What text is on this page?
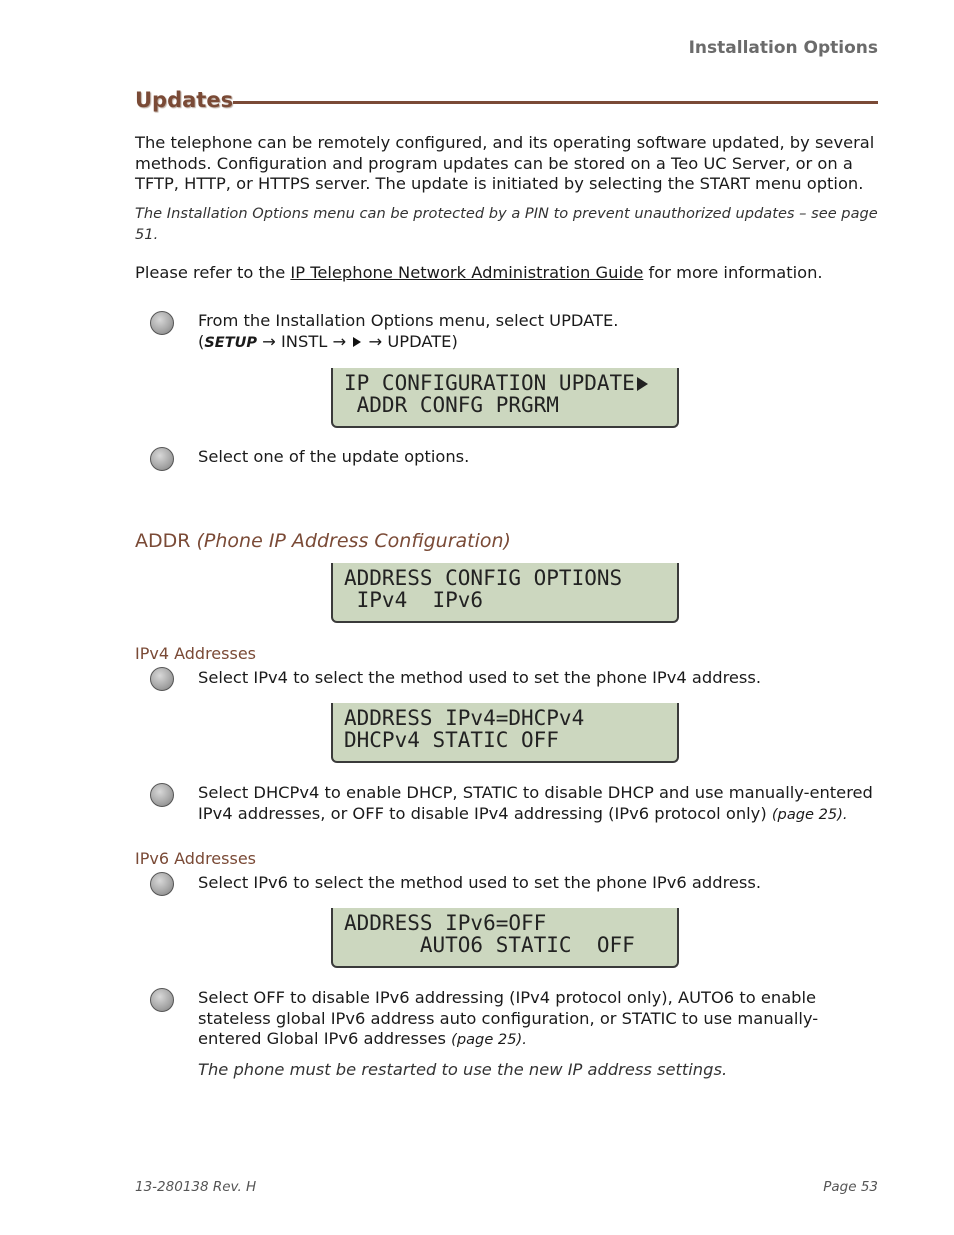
Installation Options
Updates
The telephone can be remotely configured, and its operating software updated, by several methods. Configuration and program updates can be stored on a Teo UC Server, or on a TFTP, HTTP, or HTTPS server. The update is initiated by selecting the START menu option.
The Installation Options menu can be protected by a PIN to prevent unauthorized updates – see page 51.
Please refer to the IP Telephone Network Administration Guide for more information.
From the Installation Options menu, select UPDATE.
(SETUP → INSTL →  → UPDATE)
IP CONFIGURATION UPDATE
ADDR CONFG PRGRM
Select one of the update options.
ADDR (Phone IP Address Configuration)
ADDRESS CONFIG OPTIONS
IPv4  IPv6
IPv4 Addresses
Select IPv4 to select the method used to set the phone IPv4 address.
ADDRESS IPv4=DHCPv4
DHCPv4 STATIC OFF
Select DHCPv4 to enable DHCP, STATIC to disable DHCP and use manually-entered IPv4 addresses, or OFF to disable IPv4 addressing (IPv6 protocol only) (page 25).
IPv6 Addresses
Select IPv6 to select the method used to set the phone IPv6 address.
ADDRESS IPv6=OFF
AUTO6 STATIC  OFF
Select OFF to disable IPv6 addressing (IPv4 protocol only), AUTO6 to enable stateless global IPv6 address auto configuration, or STATIC to use manually-entered Global IPv6 addresses (page 25).
The phone must be restarted to use the new IP address settings.
13-280138 Rev. H	Page 53
